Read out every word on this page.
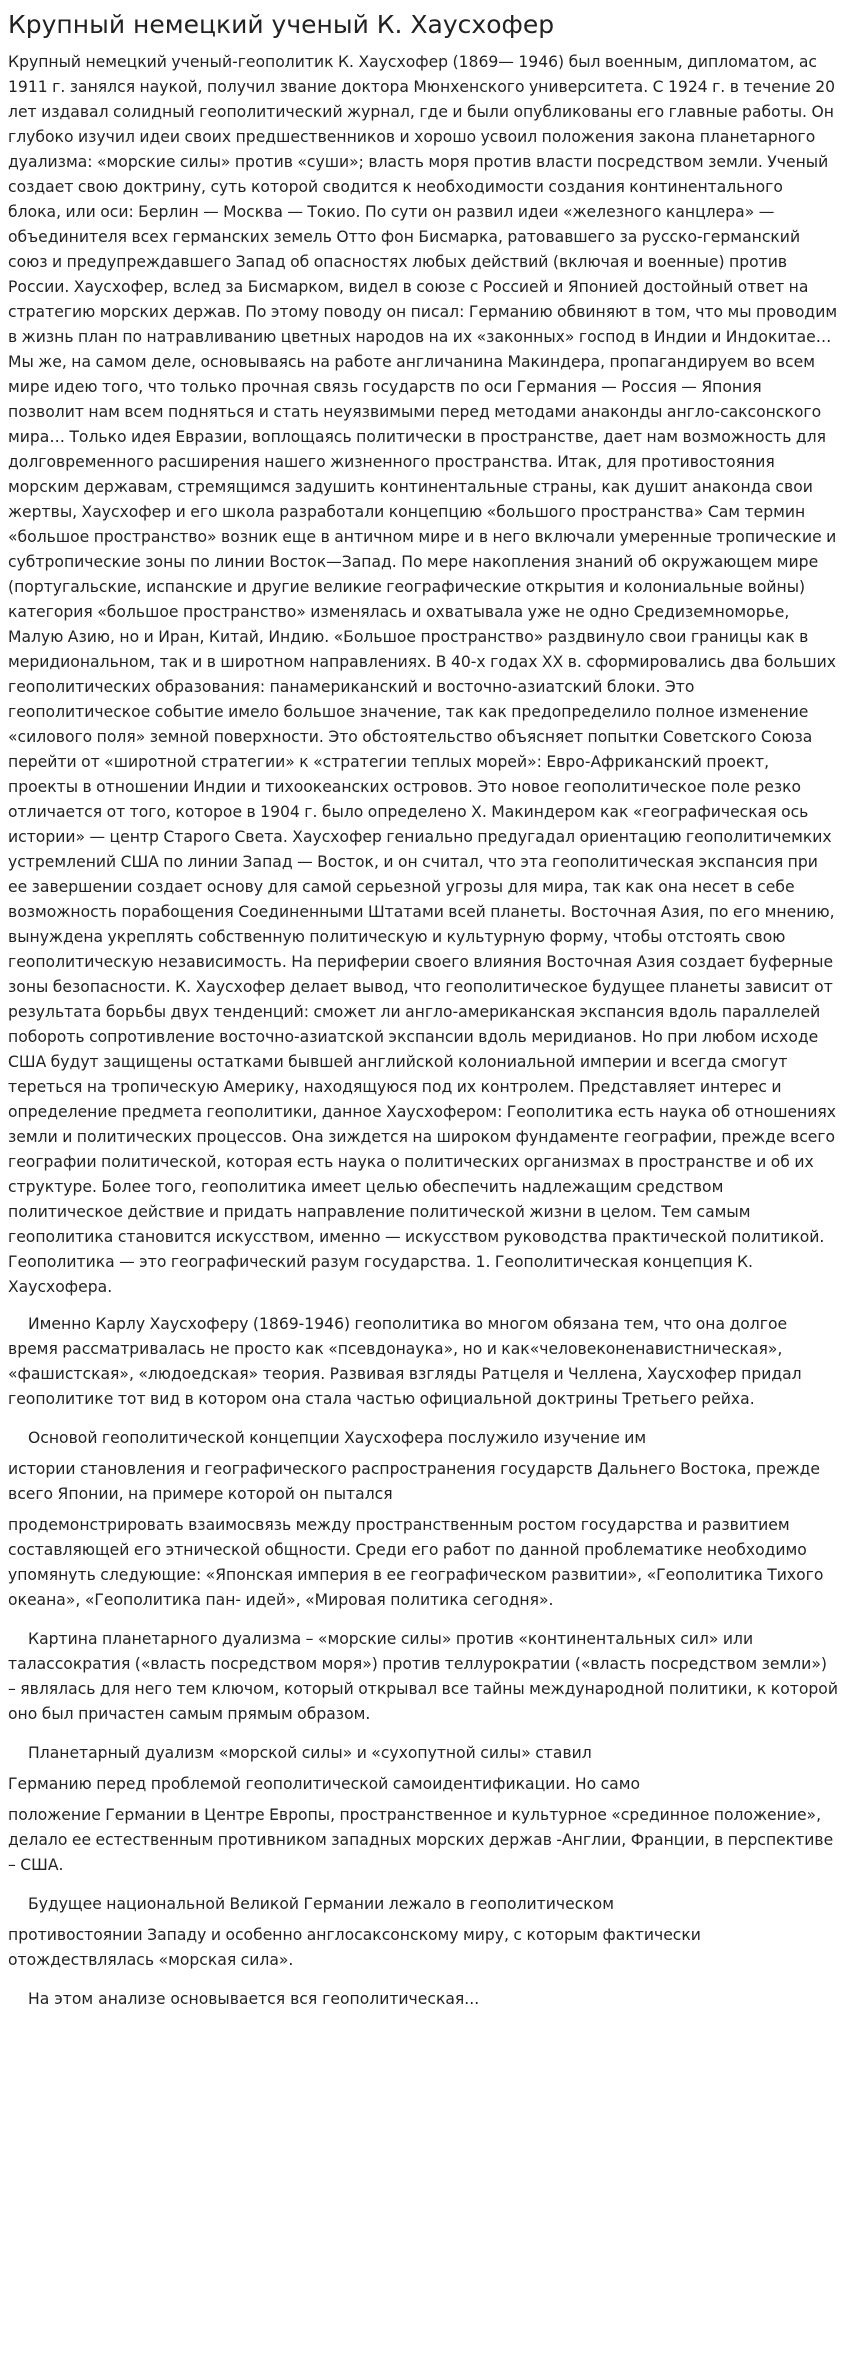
Крупный немецкий ученый К. Хаусхофер

Крупный немецкий ученый-геополитик К. Хаусхофер (1869— 1946) был военным, дипломатом, ас 1911 г. занялся наукой, получил звание доктора Мюнхенского университета. С 1924 г. в течение 20 лет издавал солидный геополитический журнал, где и были опубликованы его главные работы. Он глубоко изучил идеи своих предшественников и хорошо усвоил положения закона планетарного дуализма: «морские силы» против «суши»; власть моря против власти посредством земли. Ученый создает свою доктрину, суть которой сводится к необходимости создания континентального блока, или оси: Берлин — Москва — Токио. По сути он развил идеи «железного канцлера» — объединителя всех германских земель Отто фон Бисмарка, ратовавшего за русско-германский союз и предупреждавшего Запад об опасностях любых действий (включая и военные) против России. Хаусхофер, вслед за Бисмарком, видел в союзе с Россией и Японией достойный ответ на стратегию морских держав. По этому поводу он писал: Германию обвиняют в том, что мы проводим в жизнь план по натравливанию цветных народов на их «законных» господ в Индии и Индокитае… Мы же, на самом деле, основываясь на работе англичанина Макиндера, пропагандируем во всем мире идею того, что только прочная связь государств по оси Германия — Россия — Япония позволит нам всем подняться и стать неуязвимыми перед методами анаконды англо-саксонского мира… Только идея Евразии, воплощаясь политически в пространстве, дает нам возможность для долговременного расширения нашего жизненного пространства. Итак, для противостояния морским державам, стремящимся задушить континентальные страны, как душит анаконда свои жертвы, Хаусхофер и его школа разработали концепцию «большого пространства» Сам термин «большое пространство» возник еще в античном мире и в него включали умеренные тропические и субтропические зоны по линии Восток—Запад. По мере накопления знаний об окружающем мире (португальские, испанские и другие великие географические открытия и колониальные войны) категория «большое пространство» изменялась и охватывала уже не одно Средиземноморье, Малую Азию, но и Иран, Китай, Индию. «Большое пространство» раздвинуло свои границы как в меридиональном, так и в широтном направлениях. В 40-х годах XX в. сформировались два больших геополитических образования: панамериканский и восточно-азиатский блоки. Это геополитическое событие имело большое значение, так как предопределило полное изменение «силового поля» земной поверхности. Это обстоятельство объясняет попытки Советского Союза перейти от «широтной стратегии» к «стратегии теплых морей»: Евро-Африканский проект, проекты в отношении Индии и тихоокеанских островов. Это новое геополитическое поле резко отличается от того, которое в 1904 г. было определено X. Макиндером как «географическая ось истории» — центр Старого Света. Хаусхофер гениально предугадал ориентацию геополитичемких устремлений США по линии Запад — Восток, и он считал, что эта геополитическая экспансия при ее завершении создает основу для самой серьезной угрозы для мира, так как она несет в себе возможность порабощения Соединенными Штатами всей планеты. Восточная Азия, по его мнению, вынуждена укреплять собственную политическую и культурную форму, чтобы отстоять свою геополитическую независимость. На периферии своего влияния Восточная Азия создает буферные зоны безопасности. К. Хаусхофер делает вывод, что геополитическое будущее планеты зависит от результата борьбы двух тенденций: сможет ли англо-американская экспансия вдоль параллелей побороть сопротивление восточно-азиатской экспансии вдоль меридианов. Но при любом исходе США будут защищены остатками бывшей английской колониальной империи и всегда смогут тереться на тропическую Америку, находящуюся под их контролем. Представляет интерес и определение предмета геополитики, данное Хаусхофером: Геополитика есть наука об отношениях земли и политических процессов. Она зиждется на широком фундаменте географии, прежде всего географии политической, которая есть наука о политических организмах в пространстве и об их структуре. Более того, геополитика имеет целью обеспечить надлежащим средством политическое действие и придать направление политической жизни в целом. Тем самым геополитика становится искусством, именно — искусством руководства практической политикой. Геополитика — это географический разум государства. 1. Геополитическая концепция К. Хаусхофера.

Именно Карлу Хаусхоферу (1869-1946) геополитика во многом обязана тем, что она долгое время рассматривалась не просто как «псевдонаука», но и как«человеконенавистническая», «фашистская», «людоедская» теория. Развивая взгляды Ратцеля и Челлена, Хаусхофер придал геополитике тот вид в котором она стала частью официальной доктрины Третьего рейха.

Основой геополитической концепции Хаусхофера послужило изучение им

истории становления и географического распространения государств Дальнего Востока, прежде всего Японии, на примере которой он пытался

продемонстрировать взаимосвязь между пространственным ростом государства и развитием составляющей его этнической общности. Среди его работ по данной проблематике необходимо упомянуть следующие: «Японская империя в ее географическом развитии», «Геополитика Тихого океана», «Геополитика пан- идей», «Мировая политика сегодня».

Картина планетарного дуализма – «морские силы» против «континентальных сил» или талассократия («власть посредством моря») против теллурократии («власть посредством земли») – являлась для него тем ключом, который открывал все тайны международной политики, к которой оно был причастен самым прямым образом.

Планетарный дуализм «морской силы» и «сухопутной силы» ставил

Германию перед проблемой геополитической самоидентификации. Но само

положение Германии в Центре Европы, пространственное и культурное «срединное положение», делало ее естественным противником западных морских держав -Англии, Франции, в перспективе – США.

Будущее национальной Великой Германии лежало в геополитическом

противостоянии Западу и особенно англосаксонскому миру, с которым фактически отождествлялась «морская сила».

На этом анализе основывается вся геополитическая...
